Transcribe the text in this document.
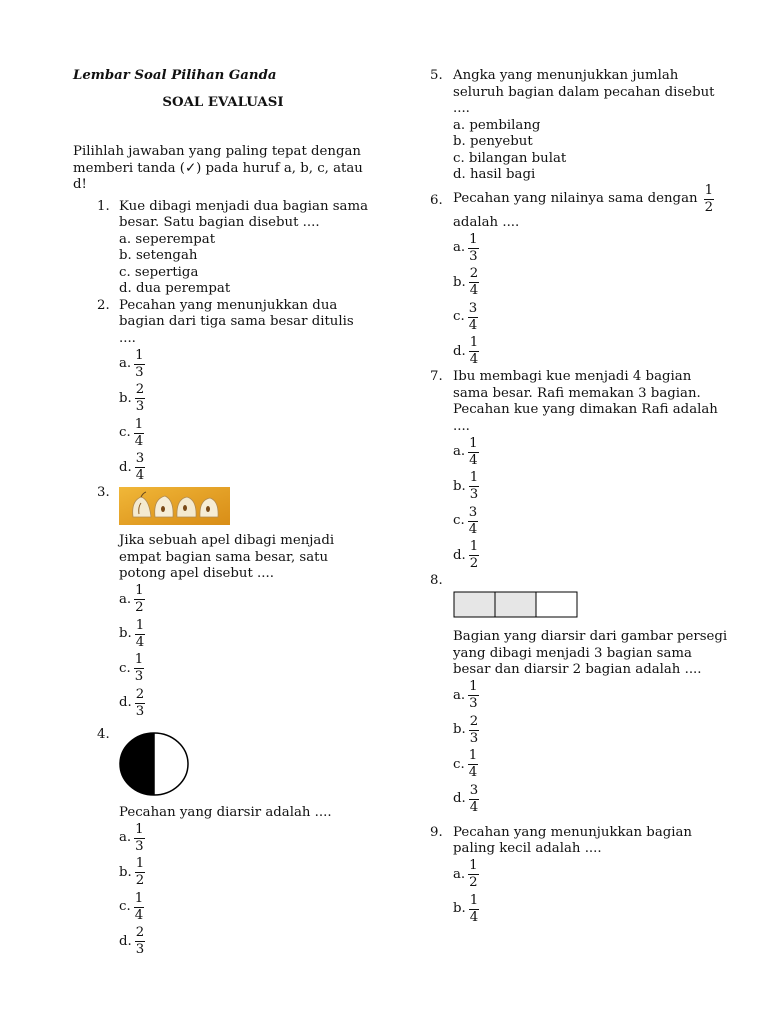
Lembar Soal Pilihan Ganda

SOAL EVALUASI

Pilihlah jawaban yang paling tepat dengan memberi tanda (✓) pada huruf a, b, c, atau d!

1. Kue dibagi menjadi dua bagian sama besar. Satu bagian disebut ....

a. seperempat

b. setengah

c. sepertiga

d. dua perempat

2. Pecahan yang menunjukkan dua bagian dari tiga sama besar ditulis ....

a. $\frac{1}{3}$
b. $\frac{2}{3}$
c. $\frac{1}{4}$
d. $\frac{3}{4}$
3.

Jika sebuah apel dibagi menjadi empat bagian sama besar, satu potong apel disebut ....

a. $\frac{1}{2}$
b. $\frac{1}{4}$
c. $\frac{1}{3}$
d. $\frac{2}{3}$
4.

Pecahan yang diarsir adalah ....

a. $\frac{1}{3}$
b. $\frac{1}{2}$
c. $\frac{1}{4}$
d. $\frac{2}{3}$
5. Angka yang menunjukkan jumlah seluruh bagian dalam pecahan disebut ....

a. pembilang

b. penyebut

c. bilangan bulat

d. hasil bagi

6. Pecahan yang nilainya sama dengan $\frac{1}{2}$

adalah ....

a. $\frac{1}{3}$
b. $\frac{2}{4}$
c. $\frac{3}{4}$
d. $\frac{1}{4}$
7. Ibu membagi kue menjadi 4 bagian sama besar. Rafi memakan 3 bagian. Pecahan kue yang dimakan Rafi adalah ....

a. $\frac{1}{4}$
b. $\frac{1}{3}$
c. $\frac{3}{4}$
d. $\frac{1}{2}$
8.

Bagian yang diarsir dari gambar persegi yang dibagi menjadi 3 bagian sama besar dan diarsir 2 bagian adalah ....

a. $\frac{1}{3}$
b. $\frac{2}{3}$
c. $\frac{1}{4}$
d. $\frac{3}{4}$
9. Pecahan yang menunjukkan bagian paling kecil adalah ....

a. $\frac{1}{2}$
b. $\frac{1}{4}$
